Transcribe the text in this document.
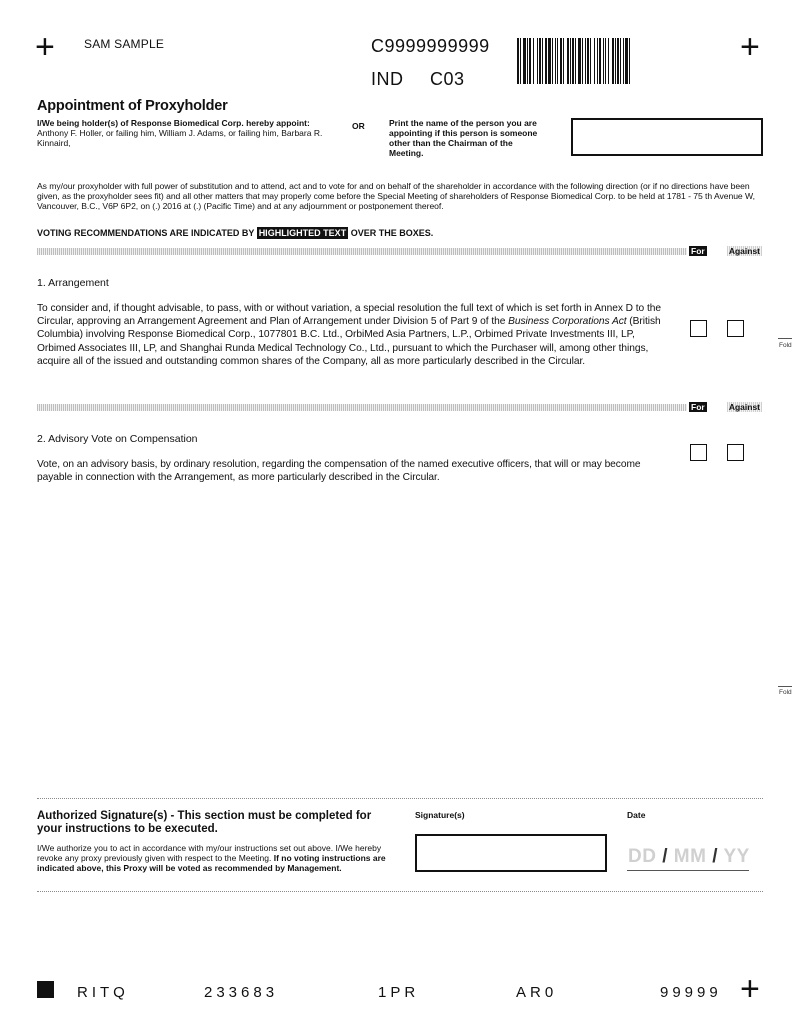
+	+
+
SAM SAMPLE	C9999999999
IND C03
Appointment of Proxyholder
I/We being holder(s) of Response Biomedical Corp. hereby appoint:
Anthony F. Holler, or failing him, William J. Adams, or failing him, Barbara R. Kinnaird,
OR	Print the name of the person you are appointing if this person is someone other than the Chairman of the Meeting.
As my/our proxyholder with full power of substitution and to attend, act and to vote for and on behalf of the shareholder in accordance with the following direction (or if no directions have been given, as the proxyholder sees fit) and all other matters that may properly come before the Special Meeting of shareholders of Response Biomedical Corp. to be held at 1781 - 75 th Avenue W, Vancouver, B.C., V6P 6P2, on (.) 2016 at (.) (Pacific Time) and at any adjournment or postponement thereof.
VOTING RECOMMENDATIONS ARE INDICATED BY HIGHLIGHTED TEXT OVER THE BOXES.
For	Against
1. Arrangement
To consider and, if thought advisable, to pass, with or without variation, a special resolution the full text of which is set forth in Annex D to the Circular, approving an Arrangement Agreement and Plan of Arrangement under Division 5 of Part 9 of the Business Corporations Act (British Columbia) involving Response Biomedical Corp., 1077801 B.C. Ltd., OrbiMed Asia Partners, L.P., Orbimed Private Investments III, LP, Orbimed Associates III, LP, and Shanghai Runda Medical Technology Co., Ltd., pursuant to which the Purchaser will, among other things, acquire all of the issued and outstanding common shares of the Company, all as more particularly described in the Circular.
Fold
For	Against
2. Advisory Vote on Compensation
Vote, on an advisory basis, by ordinary resolution, regarding the compensation of the named executive officers, that will or may become payable in connection with the Arrangement, as more particularly described in the Circular.
Fold
Authorized Signature(s) - This section must be completed for your instructions to be executed.
I/We authorize you to act in accordance with my/our instructions set out above. I/We hereby revoke any proxy previously given with respect to the Meeting. If no voting instructions are indicated above, this Proxy will be voted as recommended by Management.
Signature(s)	Date
DD / MM / YY
RITQ	233683	1PR	AR0	99999
